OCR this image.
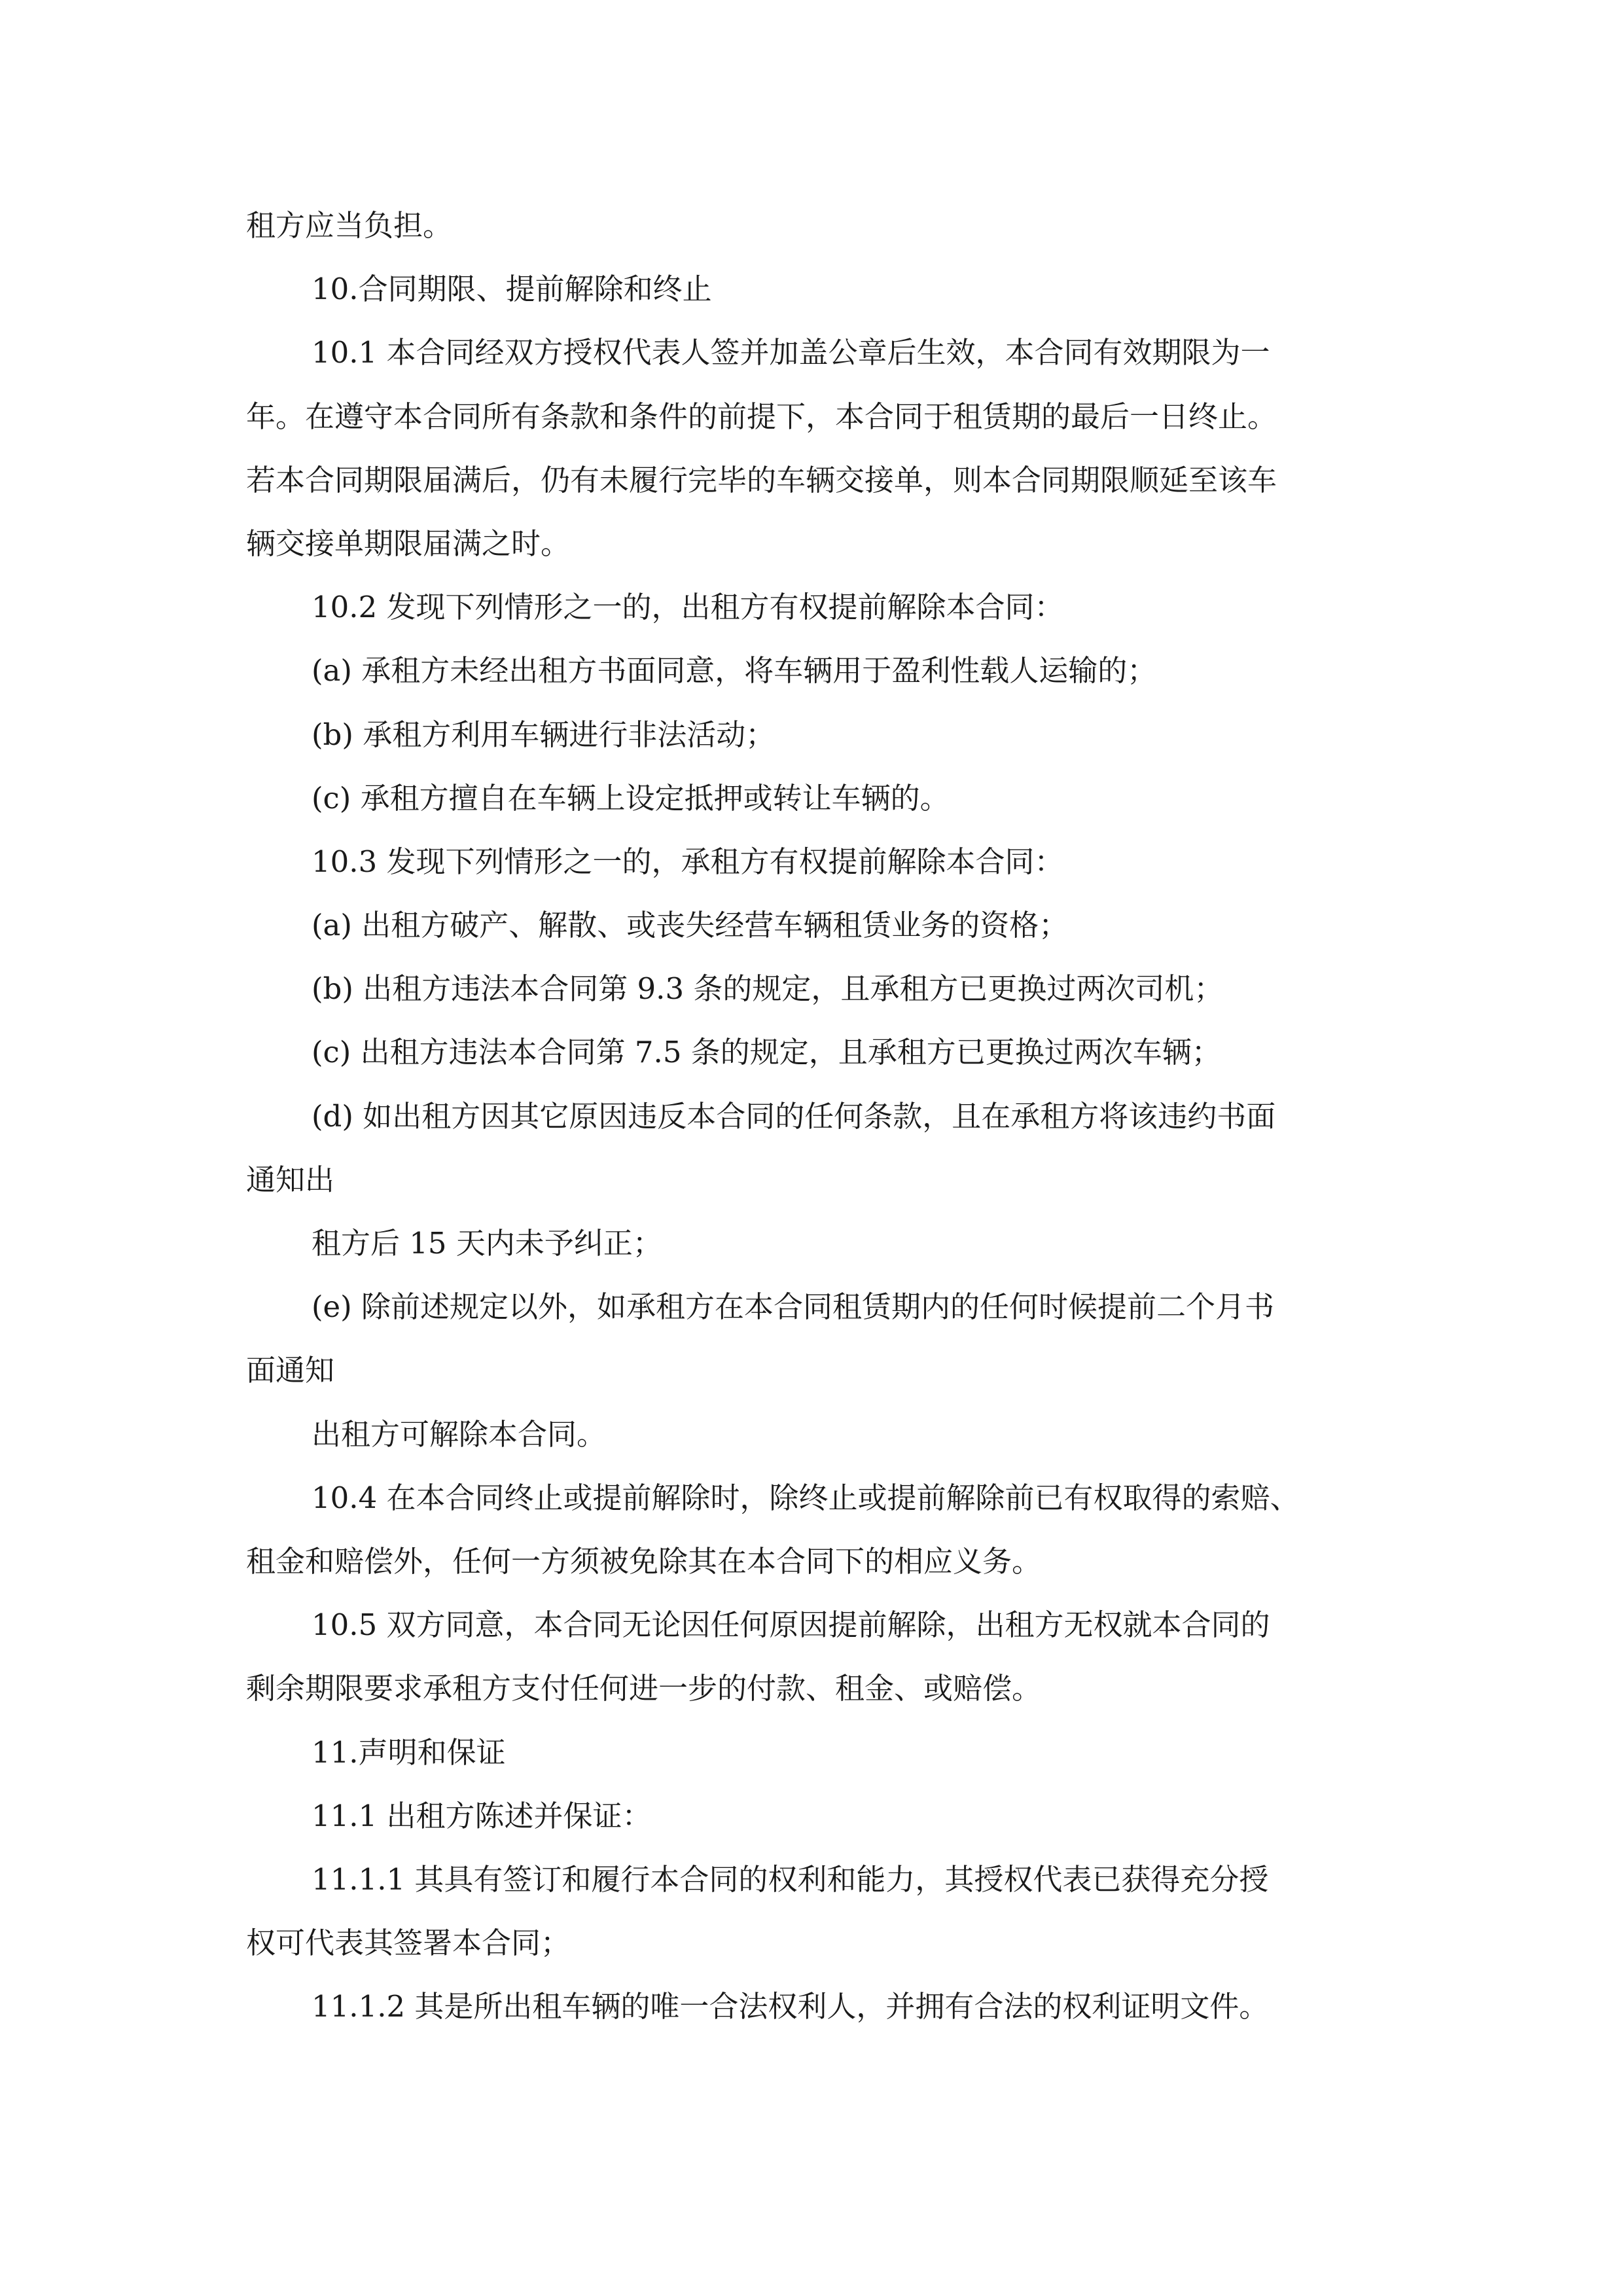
租方应当负担。
10.合同期限、提前解除和终止
10.1 本合同经双方授权代表人签并加盖公章后生效，本合同有效期限为一
年。在遵守本合同所有条款和条件的前提下，本合同于租赁期的最后一日终止。
若本合同期限届满后，仍有未履行完毕的车辆交接单，则本合同期限顺延至该车
辆交接单期限届满之时。
10.2 发现下列情形之一的，出租方有权提前解除本合同：
(a) 承租方未经出租方书面同意，将车辆用于盈利性载人运输的；
(b) 承租方利用车辆进行非法活动；
(c) 承租方擅自在车辆上设定抵押或转让车辆的。
10.3 发现下列情形之一的，承租方有权提前解除本合同：
(a) 出租方破产、解散、或丧失经营车辆租赁业务的资格；
(b) 出租方违法本合同第 9.3 条的规定，且承租方已更换过两次司机；
(c) 出租方违法本合同第 7.5 条的规定，且承租方已更换过两次车辆；
(d) 如出租方因其它原因违反本合同的任何条款，且在承租方将该违约书面
通知出
租方后 15 天内未予纠正；
(e) 除前述规定以外，如承租方在本合同租赁期内的任何时候提前二个月书
面通知
出租方可解除本合同。
10.4 在本合同终止或提前解除时，除终止或提前解除前已有权取得的索赔、
租金和赔偿外，任何一方须被免除其在本合同下的相应义务。
10.5 双方同意，本合同无论因任何原因提前解除，出租方无权就本合同的
剩余期限要求承租方支付任何进一步的付款、租金、或赔偿。
11.声明和保证
11.1 出租方陈述并保证：
11.1.1 其具有签订和履行本合同的权利和能力，其授权代表已获得充分授
权可代表其签署本合同；
11.1.2 其是所出租车辆的唯一合法权利人，并拥有合法的权利证明文件。
